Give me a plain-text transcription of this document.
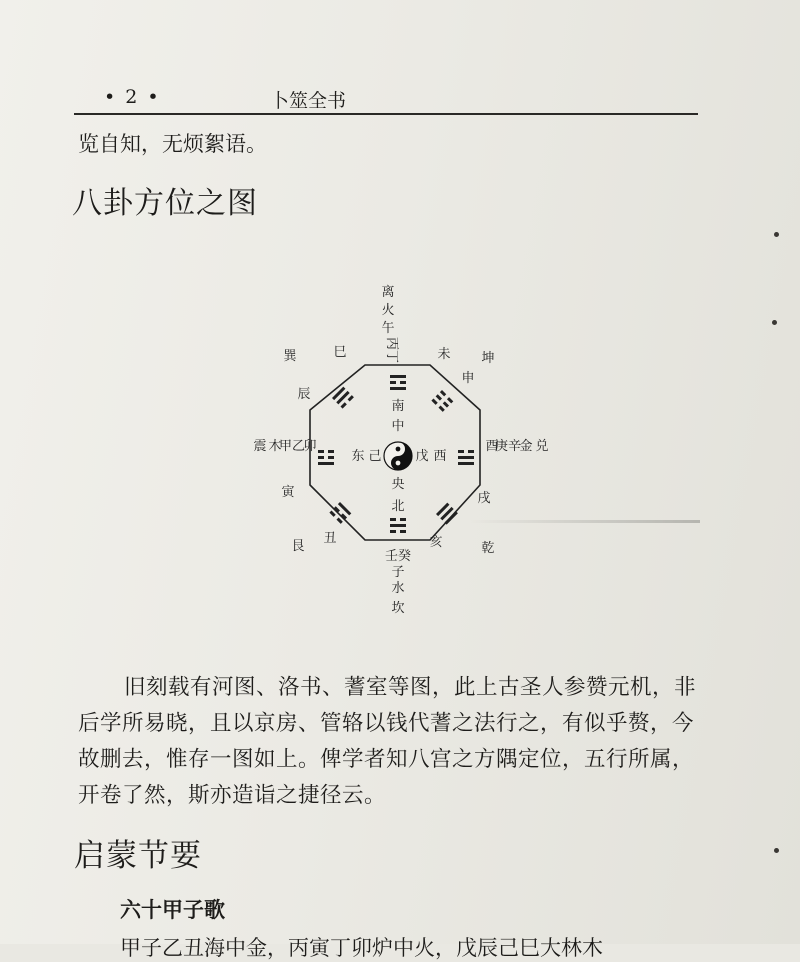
• 2 •	卜筮全书
览自知，无烦絮语。
八卦方位之图
南
中
央
北
东 己	戊 西
丙丁
火
离
壬癸
水
坎
甲乙
木
震	庚辛
金 兑
巽	坤
艮	乾
巳	未
申
辰
戌
丑	亥
寅
子
卯	酉
午
旧刻载有河图、洛书、蓍室等图，此上古圣人参赞元机，非后学所易晓，且以京房、管辂以钱代蓍之法行之，有似乎赘，今故删去，惟存一图如上。俾学者知八宫之方隅定位，五行所属，开卷了然，斯亦造诣之捷径云。
启蒙节要
六十甲子歌
甲子乙丑海中金，丙寅丁卯炉中火，戊辰己巳大林木
